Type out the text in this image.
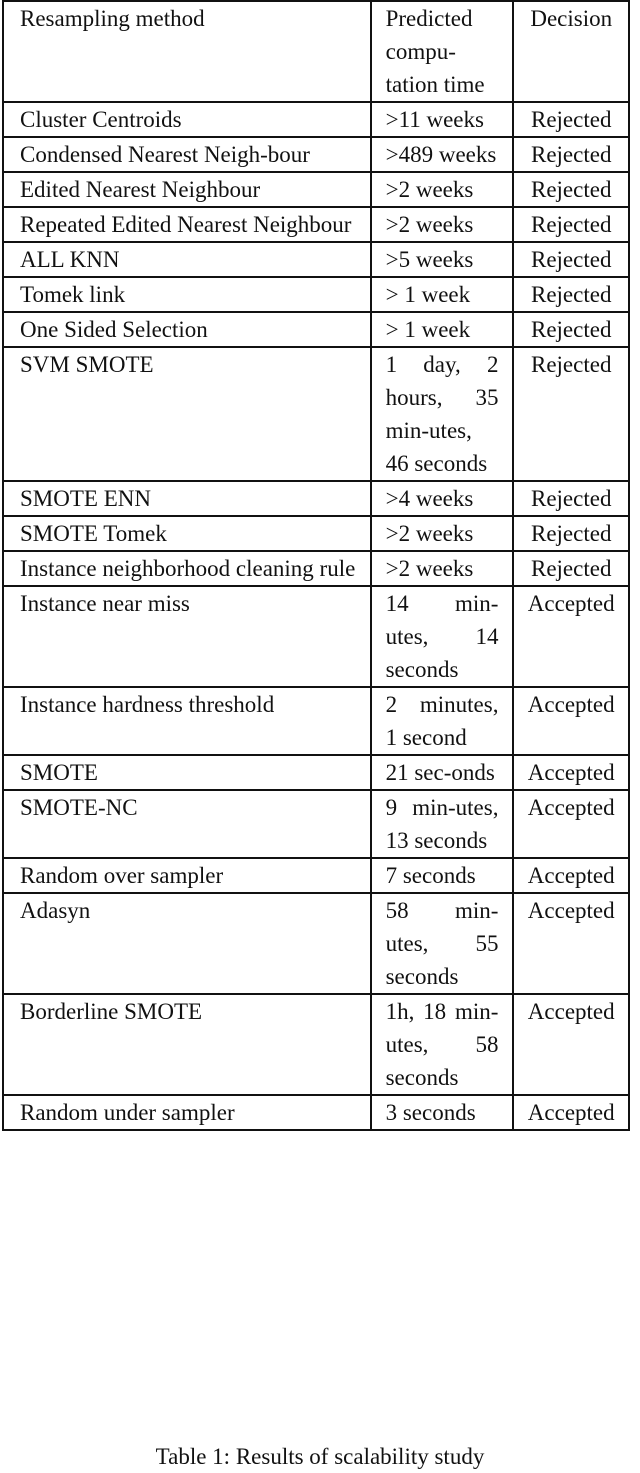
Resampling method	Predicted compu-tation time	Decision
Cluster Centroids	>11 weeks	Rejected
Condensed Nearest Neigh-bour	>489 weeks	Rejected
Edited Nearest Neighbour	>2 weeks	Rejected
Repeated Edited Nearest Neighbour	>2 weeks	Rejected
ALL KNN	>5 weeks	Rejected
Tomek link	> 1 week	Rejected
One Sided Selection	> 1 week	Rejected
SVM SMOTE	1 day, 2 hours, 35 min-utes, 46 seconds	Rejected
SMOTE ENN	>4 weeks	Rejected
SMOTE Tomek	>2 weeks	Rejected
Instance neighborhood cleaning rule	>2 weeks	Rejected
Instance near miss	14 min-utes, 14 seconds	Accepted
Instance hardness threshold	2 minutes, 1 second	Accepted
SMOTE	21 sec-onds	Accepted
SMOTE-NC	9 min-utes, 13 seconds	Accepted
Random over sampler	7 seconds	Accepted
Adasyn	58 min-utes, 55 seconds	Accepted
Borderline SMOTE	1h, 18 min-utes, 58 seconds	Accepted
Random under sampler	3 seconds	Accepted
Table 1: Results of scalability study
